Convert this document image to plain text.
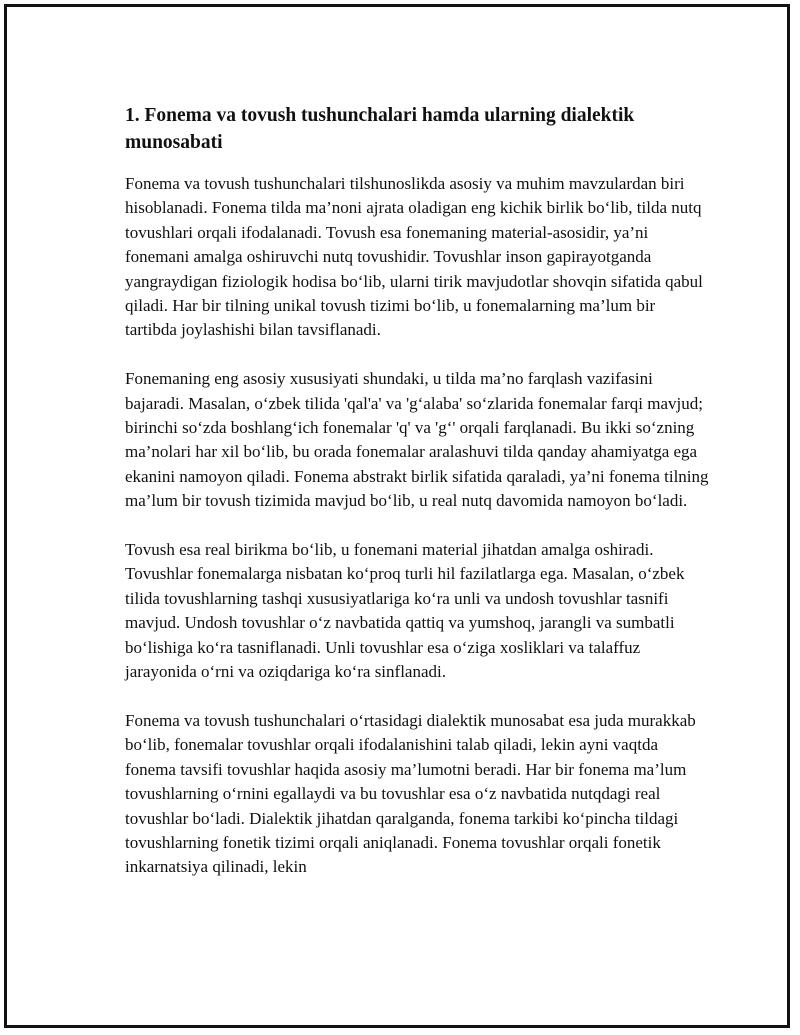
1. Fonema va tovush tushunchalari hamda ularning dialektik munosabati

Fonema va tovush tushunchalari tilshunoslikda asosiy va muhim mavzulardan biri hisoblanadi. Fonema tilda ma’noni ajrata oladigan eng kichik birlik bo‘lib, tilda nutq tovushlari orqali ifodalanadi. Tovush esa fonemaning material-asosidir, ya’ni fonemani amalga oshiruvchi nutq tovushidir. Tovushlar inson gapirayotganda yangraydigan fiziologik hodisa bo‘lib, ularni tirik mavjudotlar shovqin sifatida qabul qiladi. Har bir tilning unikal tovush tizimi bo‘lib, u fonemalarning ma’lum bir tartibda joylashishi bilan tavsiflanadi.

Fonemaning eng asosiy xususiyati shundaki, u tilda ma’no farqlash vazifasini bajaradi. Masalan, o‘zbek tilida 'qal'a' va 'g‘alaba' so‘zlarida fonemalar farqi mavjud; birinchi so‘zda boshlang‘ich fonemalar 'q' va 'g‘' orqali farqlanadi. Bu ikki so‘zning ma’nolari har xil bo‘lib, bu orada fonemalar aralashuvi tilda qanday ahamiyatga ega ekanini namoyon qiladi. Fonema abstrakt birlik sifatida qaraladi, ya’ni fonema tilning ma’lum bir tovush tizimida mavjud bo‘lib, u real nutq davomida namoyon bo‘ladi.

Tovush esa real birikma bo‘lib, u fonemani material jihatdan amalga oshiradi. Tovushlar fonemalarga nisbatan ko‘proq turli hil fazilatlarga ega. Masalan, o‘zbek tilida tovushlarning tashqi xususiyatlariga ko‘ra unli va undosh tovushlar tasnifi mavjud. Undosh tovushlar o‘z navbatida qattiq va yumshoq, jarangli va sumbatli bo‘lishiga ko‘ra tasniflanadi. Unli tovushlar esa o‘ziga xosliklari va talaffuz jarayonida o‘rni va oziqdariga ko‘ra sinflanadi.

Fonema va tovush tushunchalari o‘rtasidagi dialektik munosabat esa juda murakkab bo‘lib, fonemalar tovushlar orqali ifodalanishini talab qiladi, lekin ayni vaqtda fonema tavsifi tovushlar haqida asosiy ma’lumotni beradi. Har bir fonema ma’lum tovushlarning o‘rnini egallaydi va bu tovushlar esa o‘z navbatida nutqdagi real tovushlar bo‘ladi. Dialektik jihatdan qaralganda, fonema tarkibi ko‘pincha tildagi tovushlarning fonetik tizimi orqali aniqlanadi. Fonema tovushlar orqali fonetik inkarnatsiya qilinadi, lekin
